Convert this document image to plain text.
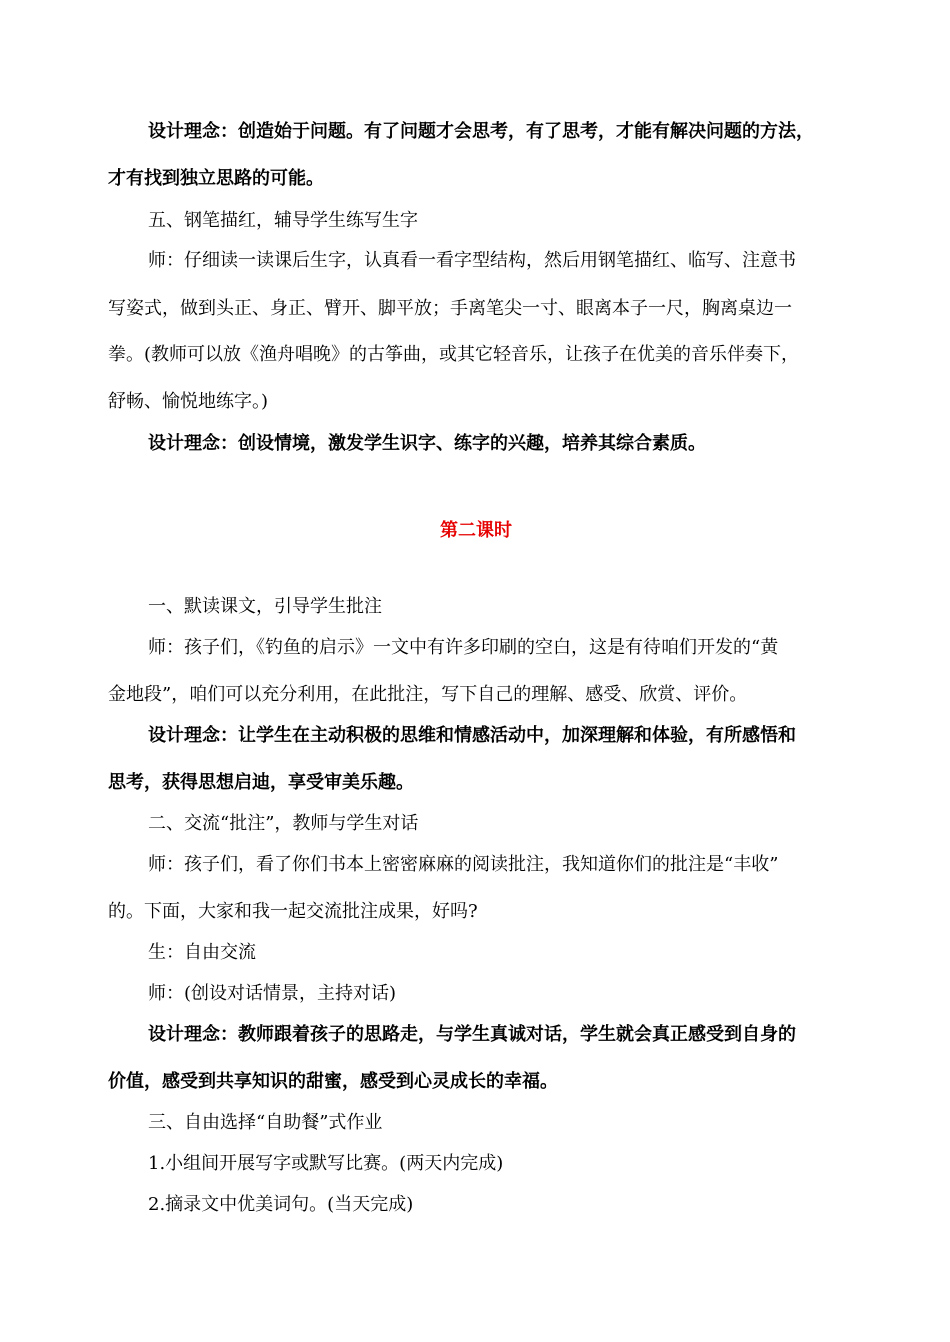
设计理念：创造始于问题。有了问题才会思考，有了思考，才能有解决问题的方法，
才有找到独立思路的可能。
五、钢笔描红，辅导学生练写生字
师：仔细读一读课后生字，认真看一看字型结构，然后用钢笔描红、临写、注意书
写姿式，做到头正、身正、臂开、脚平放；手离笔尖一寸、眼离本子一尺，胸离桌边一
拳。(教师可以放《渔舟唱晚》的古筝曲，或其它轻音乐，让孩子在优美的音乐伴奏下，
舒畅、愉悦地练字。)
设计理念：创设情境，激发学生识字、练字的兴趣，培养其综合素质。
第二课时
一、默读课文，引导学生批注
师：孩子们，《钓鱼的启示》一文中有许多印刷的空白，这是有待咱们开发的“黄
金地段”，咱们可以充分利用，在此批注，写下自己的理解、感受、欣赏、评价。
设计理念：让学生在主动积极的思维和情感活动中，加深理解和体验，有所感悟和
思考，获得思想启迪，享受审美乐趣。
二、交流“批注”，教师与学生对话
师：孩子们，看了你们书本上密密麻麻的阅读批注，我知道你们的批注是“丰收”
的。下面，大家和我一起交流批注成果，好吗?
生：自由交流
师：(创设对话情景，主持对话)
设计理念：教师跟着孩子的思路走，与学生真诚对话，学生就会真正感受到自身的
价值，感受到共享知识的甜蜜，感受到心灵成长的幸福。
三、自由选择“自助餐”式作业
1.小组间开展写字或默写比赛。(两天内完成)
2.摘录文中优美词句。(当天完成)
